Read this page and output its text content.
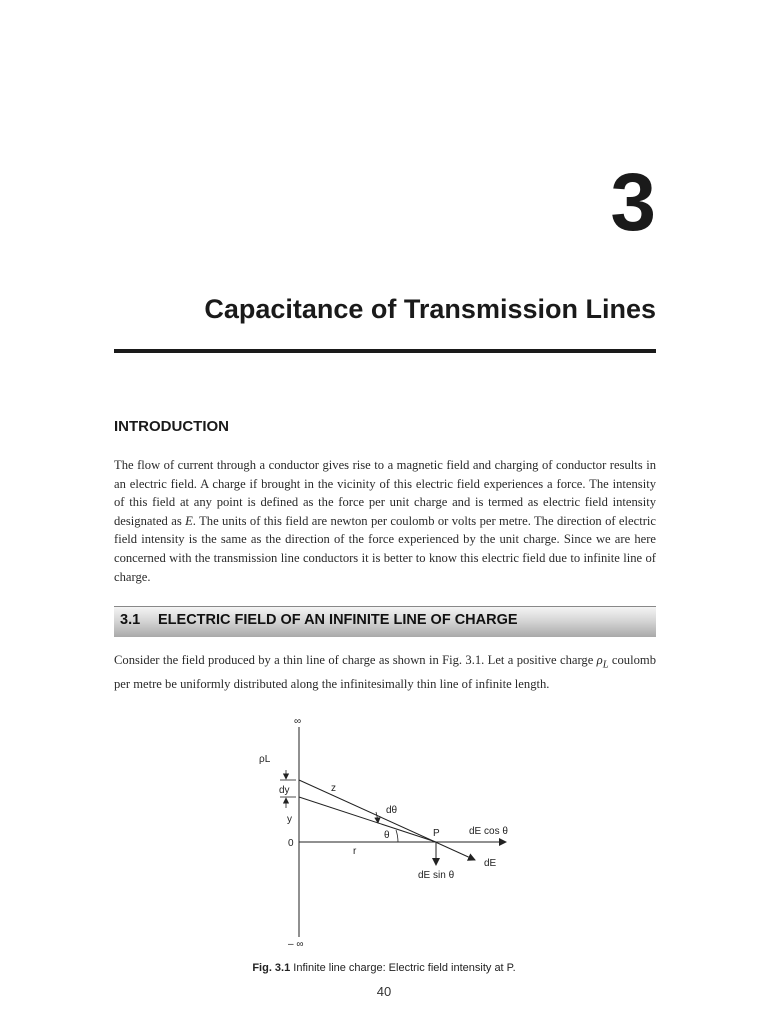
3
Capacitance of Transmission Lines
INTRODUCTION
The flow of current through a conductor gives rise to a magnetic field and charging of conductor results in an electric field. A charge if brought in the vicinity of this electric field experiences a force. The intensity of this field at any point is defined as the force per unit charge and is termed as electric field intensity designated as E. The units of this field are newton per coulomb or volts per metre. The direction of electric field intensity is the same as the direction of the force experienced by the unit charge. Since we are here concerned with the transmission line conductors it is better to know this electric field due to infinite line of charge.
3.1 ELECTRIC FIELD OF AN INFINITE LINE OF CHARGE
Consider the field produced by a thin line of charge as shown in Fig. 3.1. Let a positive charge $\rho_L$ coulomb per metre be uniformly distributed along the infinitesimally thin line of infinite length.
∞
– ∞
ρL
dy
y
0
z
dθ
θ	P
r
dE cos θ
dE
dE sin θ
Fig. 3.1 Infinite line charge: Electric field intensity at P.
40
